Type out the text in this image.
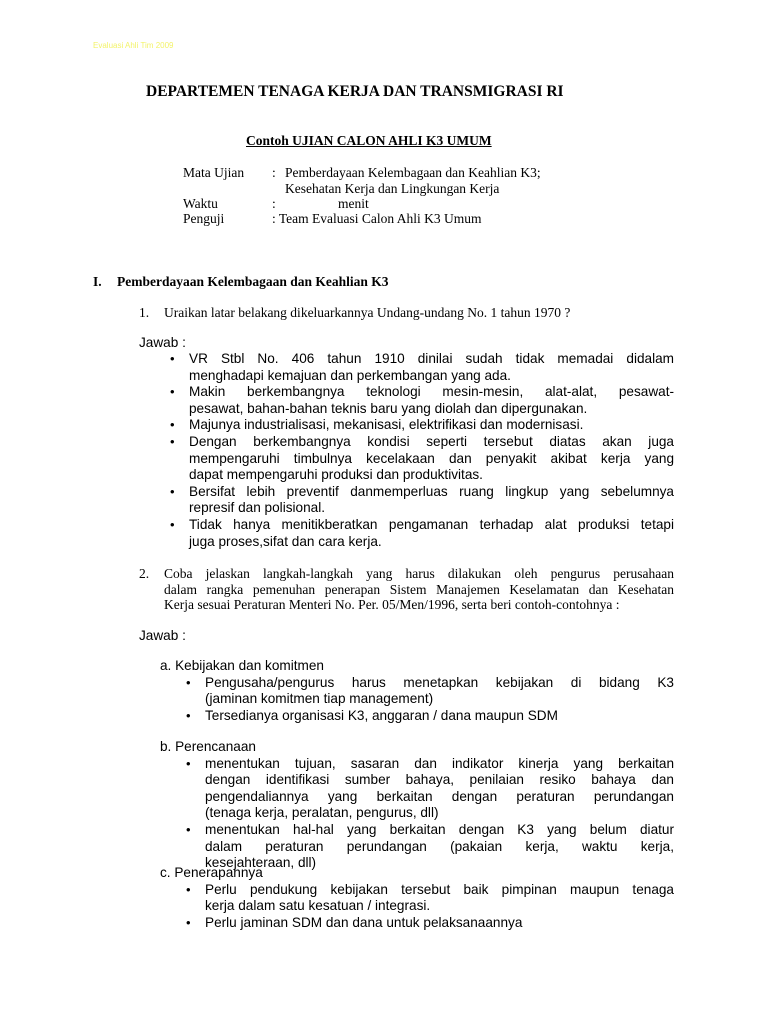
Evaluasi Ahli Tim 2009
DEPARTEMEN TENAGA KERJA DAN TRANSMIGRASI RI
Contoh UJIAN CALON AHLI K3 UMUM
Mata Ujian : Pemberdayaan Kelembagaan dan Keahlian K3;
Kesehatan Kerja dan Lingkungan Kerja
Waktu	:	menit
Penguji	: Team Evaluasi Calon Ahli K3 Umum
I. Pemberdayaan Kelembagaan dan Keahlian K3
1. Uraikan latar belakang dikeluarkannya Undang-undang No. 1 tahun 1970 ?
Jawab :
2.
Jawab :
• VR Stbl No. 406 tahun 1910 dinilai sudah tidak memadai didalam
menghadapi kemajuan dan perkembangan yang ada.
• Makin berkembangnya teknologi mesin-mesin, alat-alat, pesawat-
pesawat, bahan-bahan teknis baru yang diolah dan dipergunakan.
• Majunya industrialisasi, mekanisasi, elektrifikasi dan modernisasi.
• Dengan berkembangnya kondisi seperti tersebut diatas akan juga
mempengaruhi timbulnya kecelakaan dan penyakit akibat kerja yang
dapat mempengaruhi produksi dan produktivitas.
• Bersifat lebih preventif danmemperluas ruang lingkup yang sebelumnya
represif dan polisional.
• Tidak hanya menitikberatkan pengamanan terhadap alat produksi tetapi
juga proses,sifat dan cara kerja.
Coba jelaskan langkah-langkah yang harus dilakukan oleh pengurus perusahaan
dalam rangka pemenuhan penerapan Sistem Manajemen Keselamatan dan Kesehatan
Kerja sesuai Peraturan Menteri No. Per. 05/Men/1996, serta beri contoh-contohnya :
a. Kebijakan dan komitmen
• Pengusaha/pengurus harus menetapkan kebijakan di bidang K3
(jaminan komitmen tiap management)
• Tersedianya organisasi K3, anggaran / dana maupun SDM
b. Perencanaan
• menentukan tujuan, sasaran dan indikator kinerja yang berkaitan
dengan identifikasi sumber bahaya, penilaian resiko bahaya dan
pengendaliannya yang berkaitan dengan peraturan perundangan
(tenaga kerja, peralatan, pengurus, dll)
• menentukan hal-hal yang berkaitan dengan K3 yang belum diatur
dalam peraturan perundangan (pakaian kerja, waktu kerja,
kesejahteraan, dll)
c. Penerapannya
• Perlu pendukung kebijakan tersebut baik pimpinan maupun tenaga
kerja dalam satu kesatuan / integrasi.
• Perlu jaminan SDM dan dana untuk pelaksanaannya
